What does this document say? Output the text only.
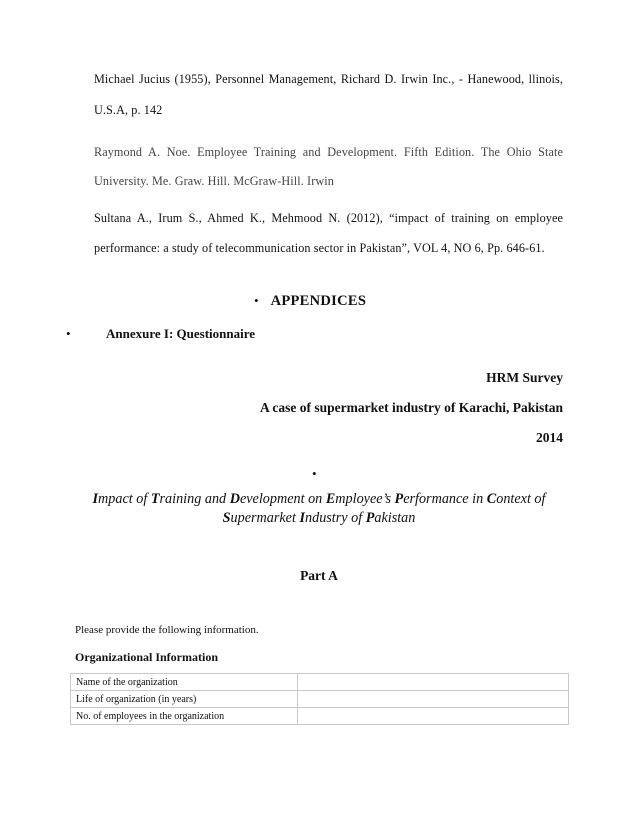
Michael Jucius (1955), Personnel Management, Richard D. Irwin Inc., - Hanewood, llinois,
U.S.A, p. 142
Raymond A. Noe. Employee Training and Development. Fifth Edition. The Ohio State
University. Me. Graw. Hill. McGraw-Hill. Irwin
Sultana A., Irum S., Ahmed K., Mehmood N. (2012), “impact of training on employee
performance: a study of telecommunication sector in Pakistan”, VOL 4, NO 6, Pp. 646-61.
• APPENDICES
•	Annexure I: Questionnaire
HRM Survey
A case of supermarket industry of Karachi, Pakistan
2014
•
Impact of Training and Development on Employee’s Performance in Context of
Supermarket Industry of Pakistan
Part A
Please provide the following information.
Organizational Information
Name of the organization	
Life of organization (in years)	
No. of employees in the organization	
